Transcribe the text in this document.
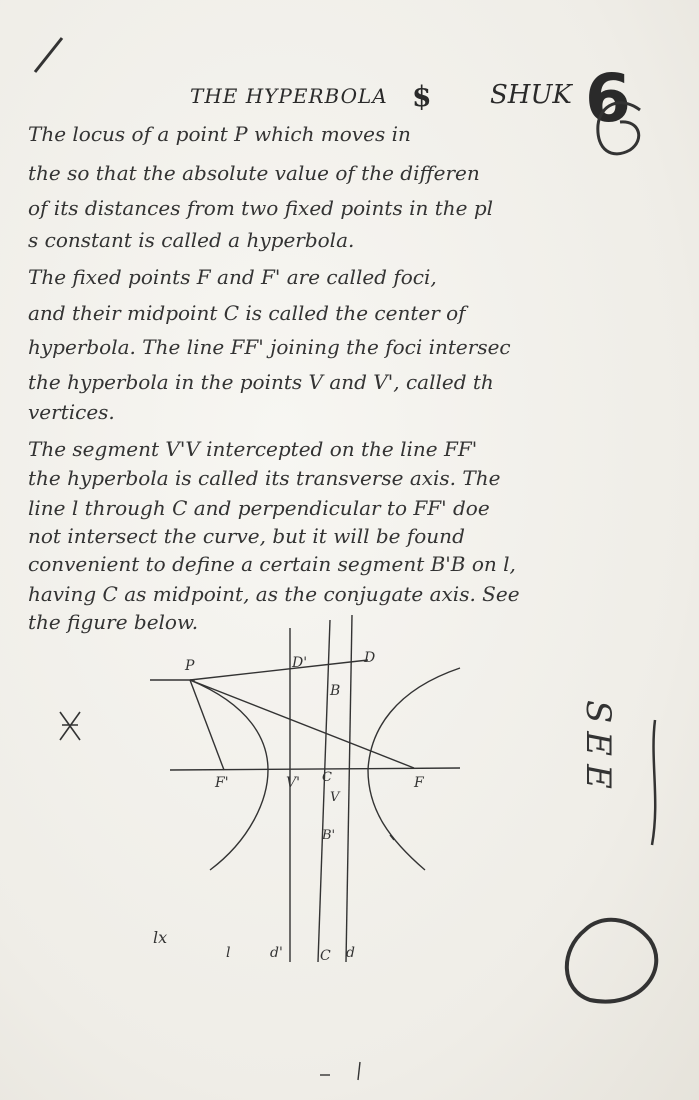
THE HYPERBOLA $ SHUK 6
The locus of a point P which moves in
the so that the absolute value of the differen
of its distances from two fixed points in the pl
s constant is called a hyperbola.
The fixed points F and F' are called foci,
and their midpoint C is called the center of
hyperbola. The line FF' joining the foci intersec
the hyperbola in the points V and V', called th
vertices.
The segment V'V intercepted on the line FF'
the hyperbola is called its transverse axis. The
line l through C and perpendicular to FF' doe
not intersect the curve, but it will be found
convenient to define a certain segment B'B on l,
having C as midpoint, as the conjugate axis. See
the figure below.
P	D'	D
B
F'	V' C
V
F
B'
lx
l	d'	C d
SEE
